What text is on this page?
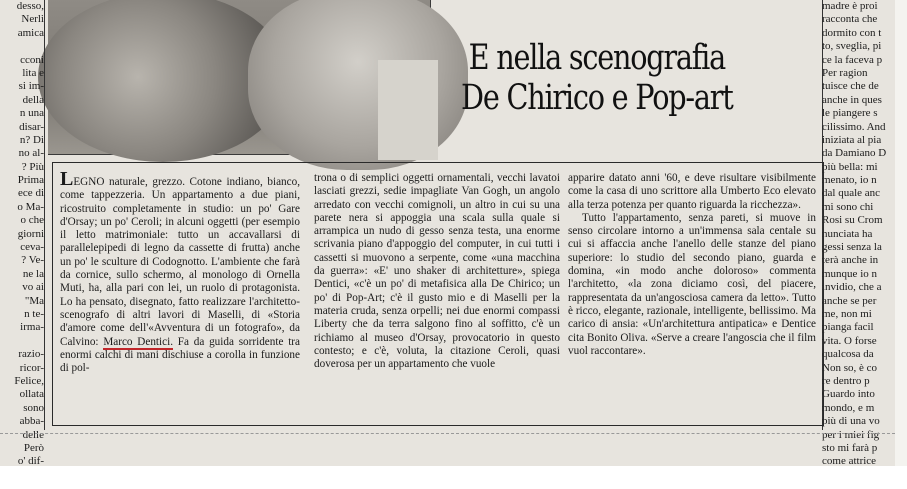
desso,
Nerli
amica
cconi
lita e
si im-
della
n una
disar-
n? Di
no al-
? Più
Prima
ece di
o Ma-
o che
giorni
ceva-
? Ve-
ne la
vo ai
"Ma
n te-
irma-
razio-
ricor-
Felice,
ollata
sono
abba-
delle
Però
o' dif-
madre è proi
racconta che
dormito con t
to, sveglia, pi
ce la faceva p
Per ragion
tuisce che de
anche in ques
le piangere s
cilissimo. And
iniziata al pia
da Damiano D
più bella: mi
menato, io n
dal quale anc
mi sono chi
Rosi su Crom
nunciata ha
gessi senza la
terà anche in
munque io n
invidio, che a
anche se per
me, non mi
pianga facil
vita. O forse
qualcosa da
Non so, è co
re dentro p
Guardo into
mondo, e m
più di una vo
per i miei fig
sto mi farà p
come attrice
E nella scenografia
De Chirico e Pop-art

LEGNO naturale, grezzo. Cotone indiano, bianco, come tappezzeria. Un appartamento a due piani, ricostruito completamente in studio: un po' Gare d'Orsay; un po' Ceroli; in alcuni oggetti (per esempio il letto matrimoniale: tutto un accavallarsi di parallelepipedi di legno da cassette di frutta) anche un po' le sculture di Codognotto. L'ambiente che farà da cornice, sullo schermo, al monologo di Ornella Muti, ha, alla pari con lei, un ruolo di protagonista. Lo ha pensato, disegnato, fatto realizzare l'architetto-scenografo di altri lavori di Maselli, di «Storia d'amore come dell'«Avventura di un fotografo», da Calvino: Marco Dentici. Fa da guida sorridente tra enormi calchi di mani dischiuse a corolla in funzione di pol-

trona o di semplici oggetti ornamentali, vecchi lavatoi lasciati grezzi, sedie impagliate Van Gogh, un angolo arredato con vecchi comignoli, un altro in cui su una parete nera si appoggia una scala sulla quale si arrampica un nudo di gesso senza testa, una enorme scrivania piano d'appoggio del computer, in cui tutti i cassetti si muovono a serpente, come «una macchina da guerra»: «E' uno shaker di architetture», spiega Dentici, «c'è un po' di metafisica alla De Chirico; un po' di Pop-Art; c'è il gusto mio e di Maselli per la materia cruda, senza orpelli; nei due enormi compassi Liberty che da terra salgono fino al soffitto, c'è un richiamo al museo d'Orsay, provocatorio in questo contesto; e c'è, voluta, la citazione Ceroli, quasi doverosa per un appartamento che vuole

apparire datato anni '60, e deve risultare visibilmente come la casa di uno scrittore alla Umberto Eco elevato alla terza potenza per quanto riguarda la ricchezza».

Tutto l'appartamento, senza pareti, si muove in senso circolare intorno a un'immensa sala centale su cui si affaccia anche l'anello delle stanze del piano superiore: lo studio del secondo piano, guarda e domina, «in modo anche doloroso» commenta l'architetto, «la zona diciamo così, del piacere, rappresentata da un'angosciosa camera da letto». Tutto è ricco, elegante, razionale, intelligente, bellissimo. Ma carico di ansia: «Un'architettura antipatica» e Dentice cita Bonito Oliva. «Serve a creare l'angoscia che il film vuol raccontare».
